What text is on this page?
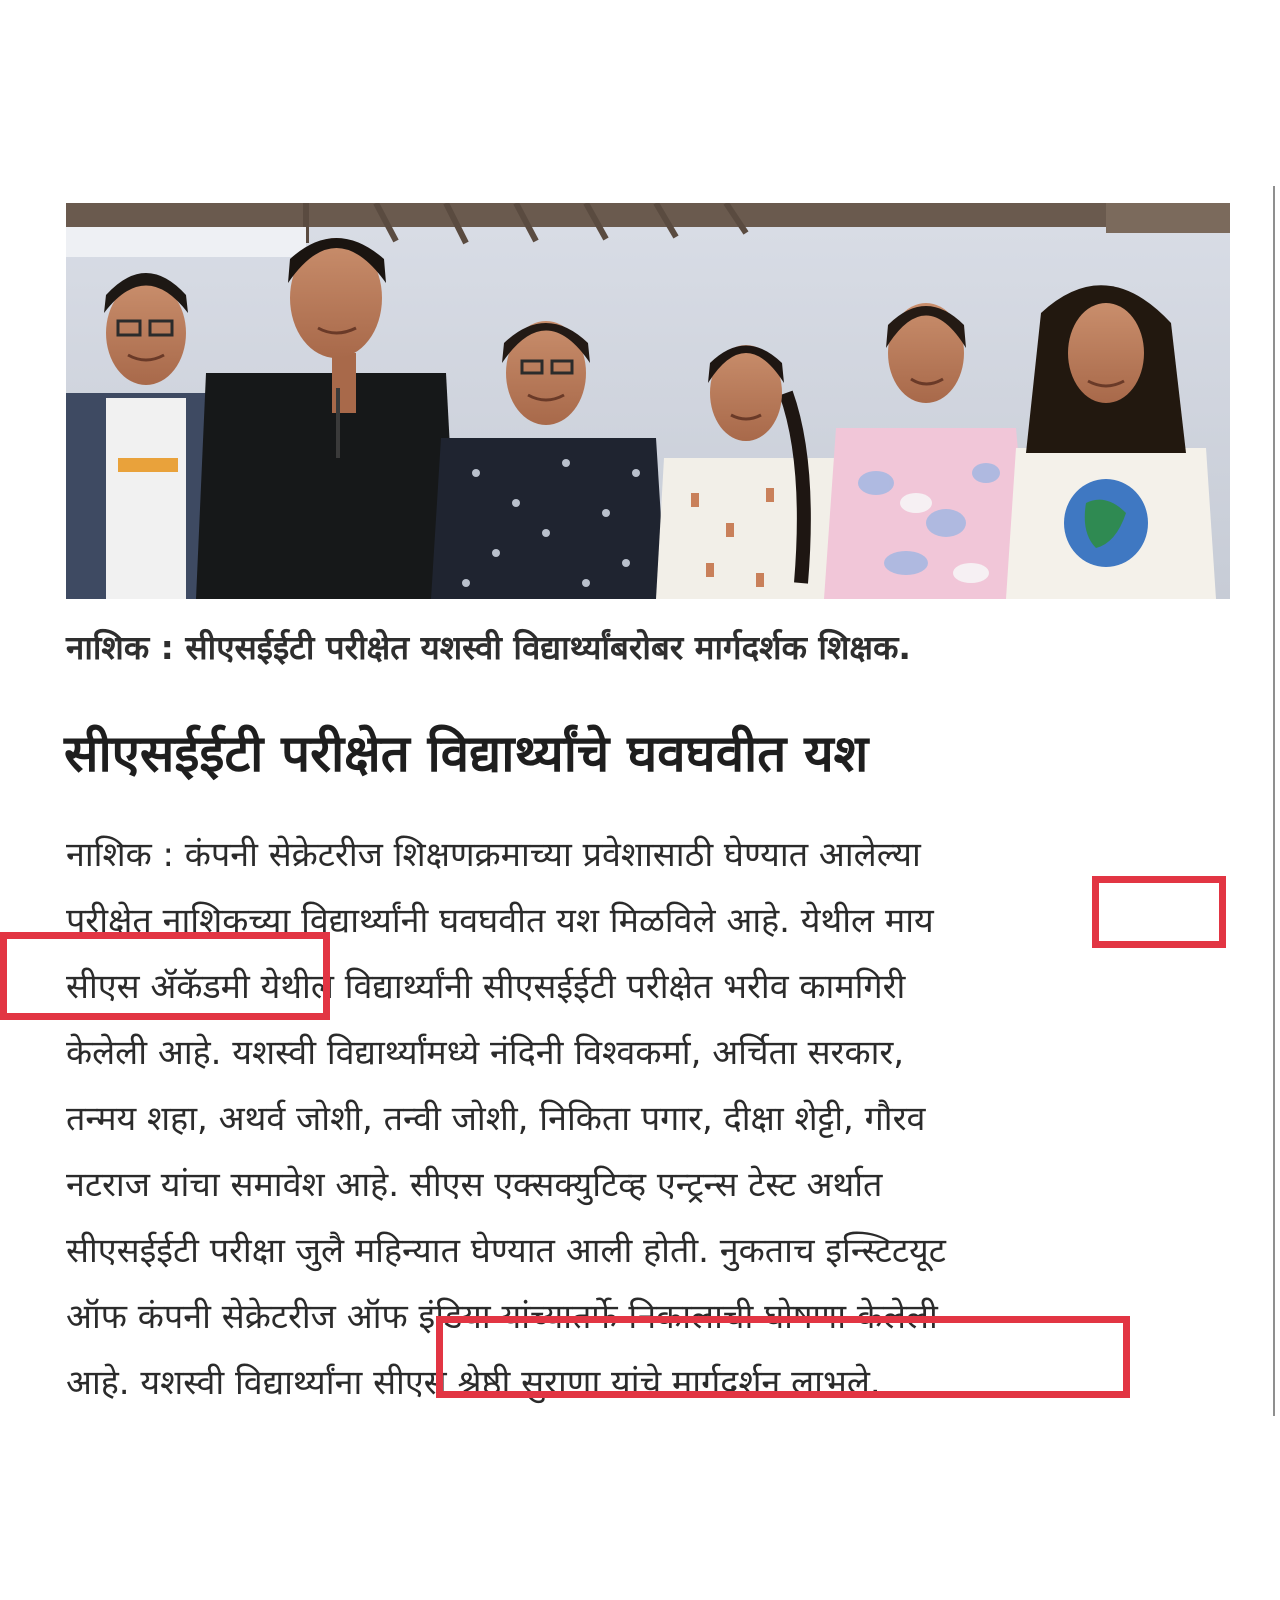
नाशिक : सीएसईईटी परीक्षेत यशस्वी विद्यार्थ्यांबरोबर मार्गदर्शक शिक्षक.
सीएसईईटी परीक्षेत विद्यार्थ्यांचे घवघवीत यश
नाशिक : कंपनी सेक्रेटरीज शिक्षणक्रमाच्या प्रवेशासाठी घेण्यात आलेल्या
परीक्षेत नाशिकच्या विद्यार्थ्यांनी घवघवीत यश मिळविले आहे. येथील माय
सीएस ॲकॅडमी येथील विद्यार्थ्यांनी सीएसईईटी परीक्षेत भरीव कामगिरी
केलेली आहे. यशस्वी विद्यार्थ्यांमध्ये नंदिनी विश्वकर्मा, अर्चिता सरकार,
तन्मय शहा, अथर्व जोशी, तन्वी जोशी, निकिता पगार, दीक्षा शेट्टी, गौरव
नटराज यांचा समावेश आहे. सीएस एक्सक्युटिव्ह एन्ट्रन्स टेस्ट अर्थात
सीएसईईटी परीक्षा जुलै महिन्यात घेण्यात आली होती. नुकताच इन्स्टिटयूट
ऑफ कंपनी सेक्रेटरीज ऑफ इंडिया यांच्यातर्फे निकालाची घोषणा केलेली
आहे. यशस्वी विद्यार्थ्यांना सीएस श्रेष्ठी सुराणा यांचे मार्गदर्शन लाभले.
